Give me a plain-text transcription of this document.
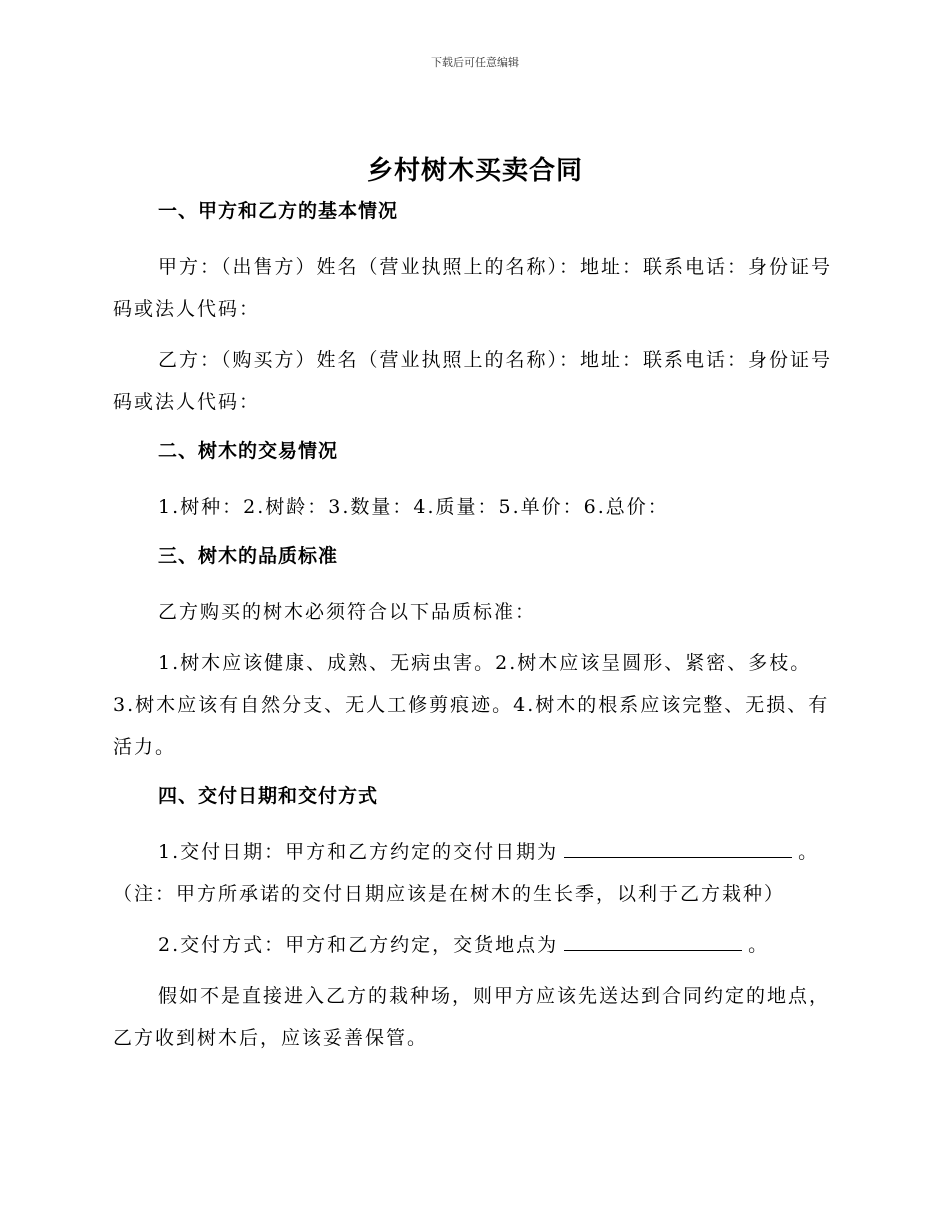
下载后可任意编辑
乡村树木买卖合同
一、甲方和乙方的基本情况

甲方：（出售方）姓名（营业执照上的名称）：地址：联系电话：身份证号码或法人代码：

乙方：（购买方）姓名（营业执照上的名称）：地址：联系电话：身份证号码或法人代码：

二、树木的交易情况

1.树种：2.树龄：3.数量：4.质量：5.单价：6.总价：

三、树木的品质标准

乙方购买的树木必须符合以下品质标准：

1.树木应该健康、成熟、无病虫害。2.树木应该呈圆形、紧密、多枝。3.树木应该有自然分支、无人工修剪痕迹。4.树木的根系应该完整、无损、有活力。

四、交付日期和交付方式

1.交付日期：甲方和乙方约定的交付日期为	。（注：甲方所承诺的交付日期应该是在树木的生长季，以利于乙方栽种）

2.交付方式：甲方和乙方约定，交货地点为	。

假如不是直接进入乙方的栽种场，则甲方应该先送达到合同约定的地点，乙方收到树木后，应该妥善保管。
